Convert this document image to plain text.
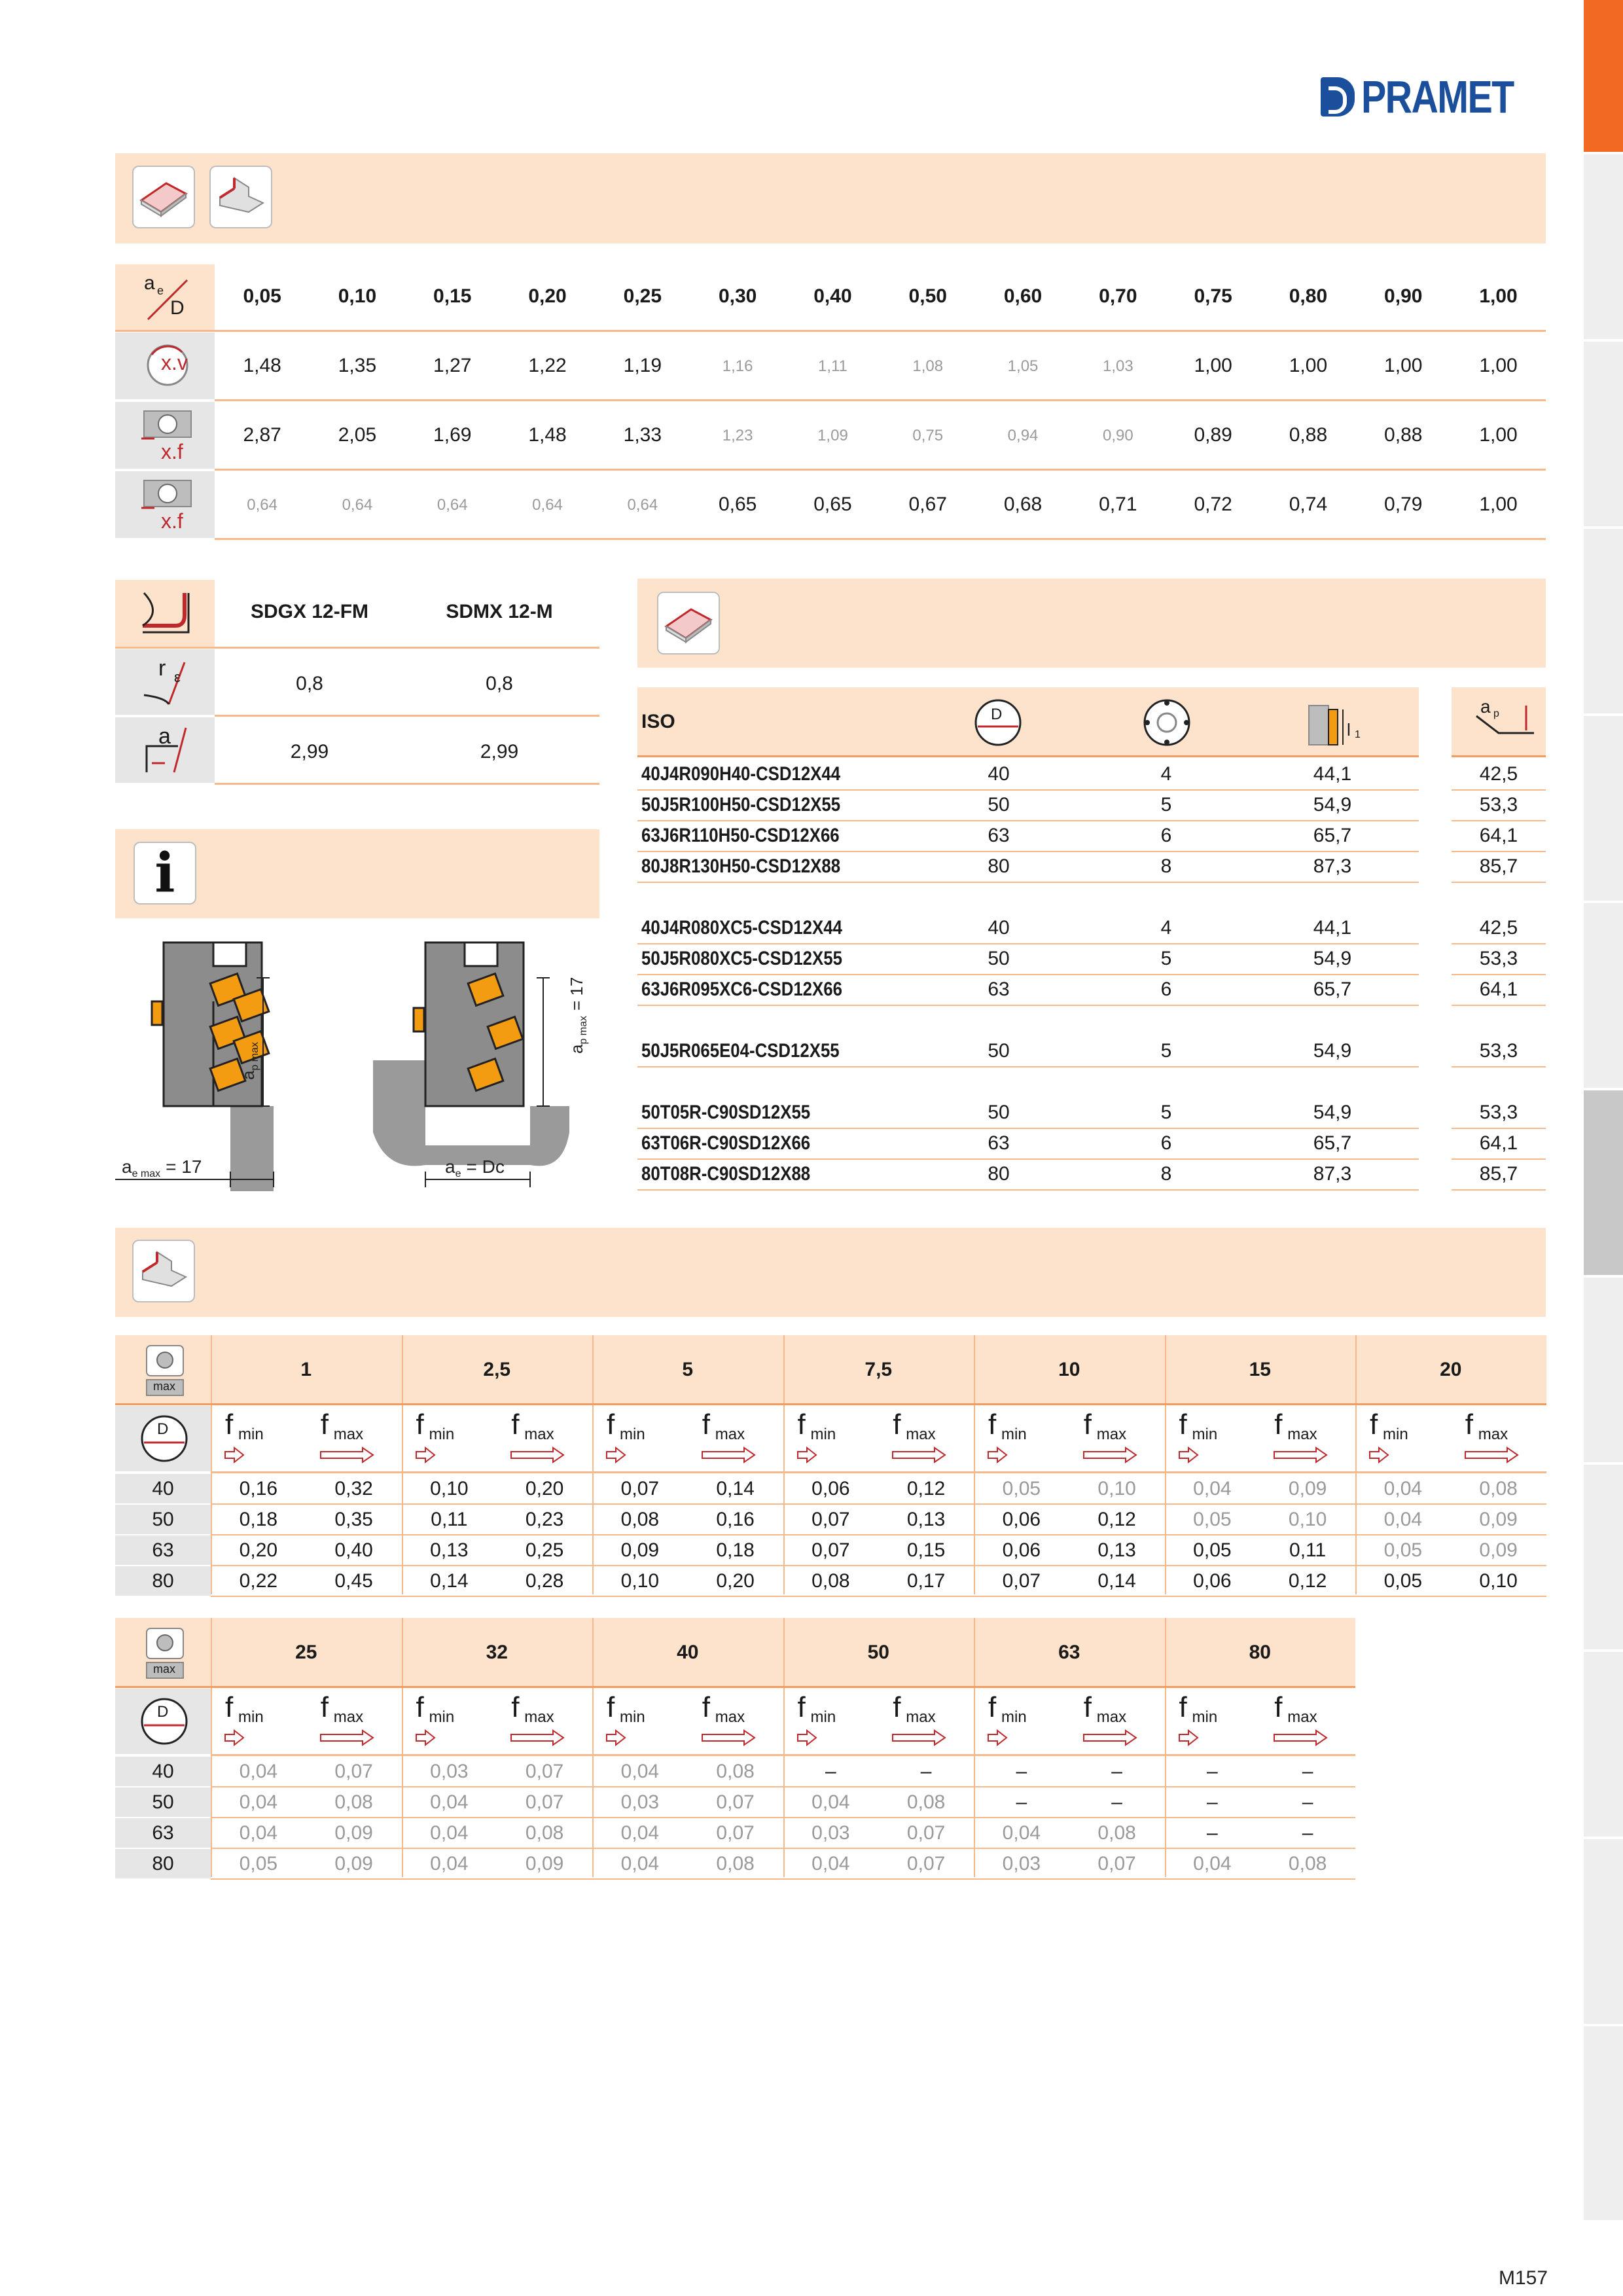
PRAMET
a e
D
0,05	0,10	0,15	0,20	0,25	0,30	0,40	0,50	0,60	0,70	0,75	0,80	0,90	1,00
x.v	1,48	1,35	1,27	1,22	1,19	1,16	1,11	1,08	1,05	1,03	1,00	1,00	1,00	1,00
x.f
2,87	2,05	1,69	1,48	1,33	1,23	1,09	0,75	0,94	0,90	0,89	0,88	0,88	1,00
x.f
0,64	0,64	0,64	0,64	0,64	0,65	0,65	0,67	0,68	0,71	0,72	0,74	0,79	1,00
SDGX 12-FM	SDMX 12-M
r ε	0,8	0,8
a
2,99	2,99
i
$a_{p max}$
$a_{e max} = 17$
$a_{p max}= 17$
$a_e = Dc$
ISO	D
l 1
a p
40J4R090H40-CSD12X44	40	4	44,1	42,5
50J5R100H50-CSD12X55	50	5	54,9	53,3
63J6R110H50-CSD12X66	63	6	65,7	64,1
80J8R130H50-CSD12X88	80	8	87,3	85,7
40J4R080XC5-CSD12X44	40	4	44,1	42,5
50J5R080XC5-CSD12X55	50	5	54,9	53,3
63J6R095XC6-CSD12X66	63	6	65,7	64,1
50J5R065E04-CSD12X55	50	5	54,9	53,3
50T05R-C90SD12X55	50	5	54,9	53,3
63T06R-C90SD12X66	63	6	65,7	64,1
80T08R-C90SD12X88	80	8	87,3	85,7
max
1	2,5	5	7,5	10	15	20
D f min f max f min f max f min f max f min f max f min f max f min f max f min f max
40	0,16	0,32	0,10	0,20	0,07	0,14	0,06	0,12	0,05	0,10	0,04	0,09	0,04	0,08
50	0,18	0,35	0,11	0,23	0,08	0,16	0,07	0,13	0,06	0,12	0,05	0,10	0,04	0,09
63	0,20	0,40	0,13	0,25	0,09	0,18	0,07	0,15	0,06	0,13	0,05	0,11	0,05	0,09
80	0,22	0,45	0,14	0,28	0,10	0,20	0,08	0,17	0,07	0,14	0,06	0,12	0,05	0,10
max
25	32	40	50	63	80
D f min f max f min f max f min f max f min f max f min f max f min f max
40	0,04	0,07	0,03	0,07	0,04	0,08	–	–	–	–	–	–
50	0,04	0,08	0,04	0,07	0,03	0,07	0,04	0,08	–	–	–	–
63	0,04	0,09	0,04	0,08	0,04	0,07	0,03	0,07	0,04	0,08	–	–
80	0,05	0,09	0,04	0,09	0,04	0,08	0,04	0,07	0,03	0,07	0,04	0,08
M157
